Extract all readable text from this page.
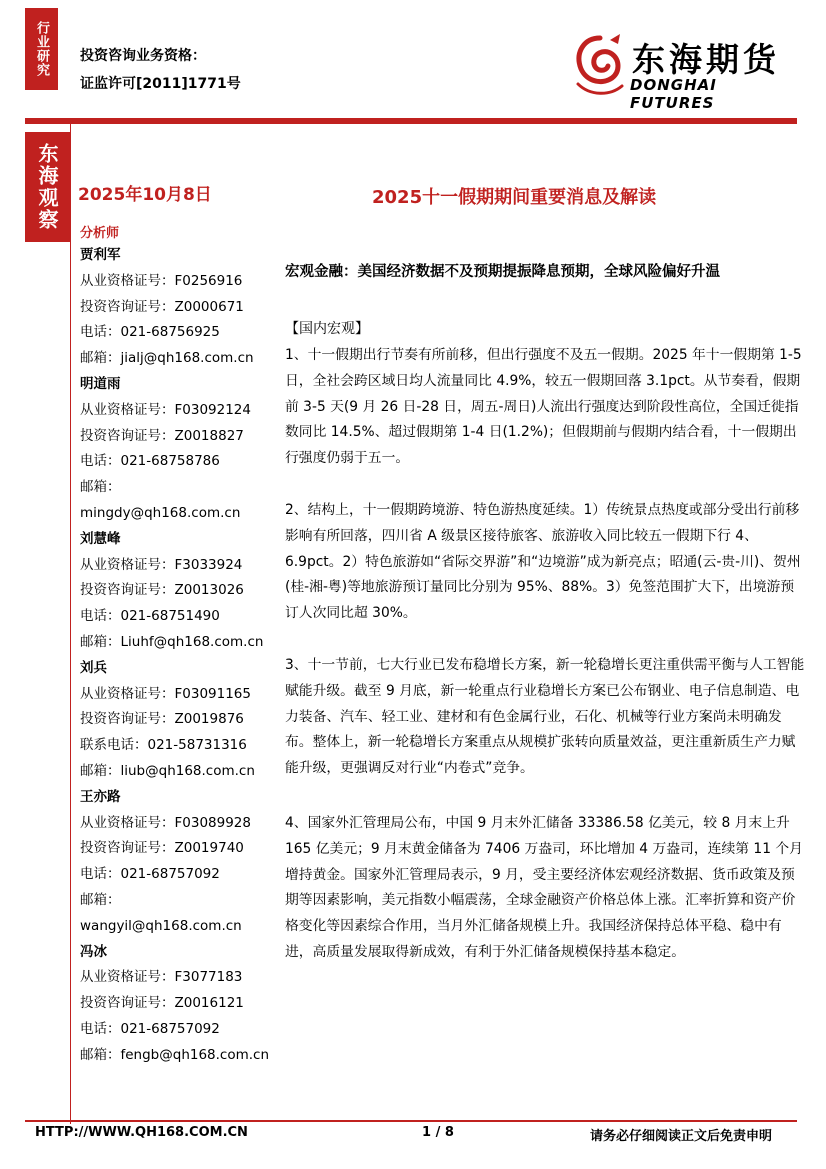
行业研究
东海观察
投资咨询业务资格：
证监许可[2011]1771号
东海期货
DONGHAI FUTURES
2025年10月8日	2025十一假期期间重要消息及解读
分析师
贾利军
从业资格证号：F0256916
投资咨询证号：Z0000671
电话：021-68756925
邮箱：jialj@qh168.com.cn
明道雨
从业资格证号：F03092124
投资咨询证号：Z0018827
电话：021-68758786
邮箱：mingdy@qh168.com.cn
刘慧峰
从业资格证号：F3033924
投资咨询证号：Z0013026
电话：021-68751490
邮箱：Liuhf@qh168.com.cn
刘兵
从业资格证号：F03091165
投资咨询证号：Z0019876
联系电话：021-58731316
邮箱：liub@qh168.com.cn
王亦路
从业资格证号：F03089928
投资咨询证号：Z0019740
电话：021-68757092
邮箱：wangyil@qh168.com.cn
冯冰
从业资格证号：F3077183
投资咨询证号：Z0016121
电话：021-68757092
邮箱：fengb@qh168.com.cn
宏观金融：美国经济数据不及预期提振降息预期，全球风险偏好升温
【国内宏观】
1、十一假期出行节奏有所前移，但出行强度不及五一假期。2025 年十一假期第 1-5 日，全社会跨区域日均人流量同比 4.9%，较五一假期回落 3.1pct。从节奏看，假期前 3-5 天(9 月 26 日-28 日，周五-周日)人流出行强度达到阶段性高位，全国迁徙指数同比 14.5%、超过假期第 1-4 日(1.2%)；但假期前与假期内结合看，十一假期出行强度仍弱于五一。
2、结构上，十一假期跨境游、特色游热度延续。1）传统景点热度或部分受出行前移影响有所回落，四川省 A 级景区接待旅客、旅游收入同比较五一假期下行 4、6.9pct。2）特色旅游如“省际交界游”和“边境游”成为新亮点；昭通(云-贵-川)、贺州(桂-湘-粤)等地旅游预订量同比分别为 95%、88%。3）免签范围扩大下，出境游预订人次同比超 30%。
3、十一节前，七大行业已发布稳增长方案，新一轮稳增长更注重供需平衡与人工智能赋能升级。截至 9 月底，新一轮重点行业稳增长方案已公布钢业、电子信息制造、电力装备、汽车、轻工业、建材和有色金属行业，石化、机械等行业方案尚未明确发布。整体上，新一轮稳增长方案重点从规模扩张转向质量效益，更注重新质生产力赋能升级，更强调反对行业“内卷式”竞争。
4、国家外汇管理局公布，中国 9 月末外汇储备 33386.58 亿美元，较 8 月末上升 165 亿美元；9 月末黄金储备为 7406 万盎司，环比增加 4 万盎司，连续第 11 个月增持黄金。国家外汇管理局表示，9 月，受主要经济体宏观经济数据、货币政策及预期等因素影响，美元指数小幅震荡，全球金融资产价格总体上涨。汇率折算和资产价格变化等因素综合作用，当月外汇储备规模上升。我国经济保持总体平稳、稳中有进，高质量发展取得新成效，有利于外汇储备规模保持基本稳定。
HTTP://WWW.QH168.COM.CN	1 / 8	请务必仔细阅读正文后免责申明
